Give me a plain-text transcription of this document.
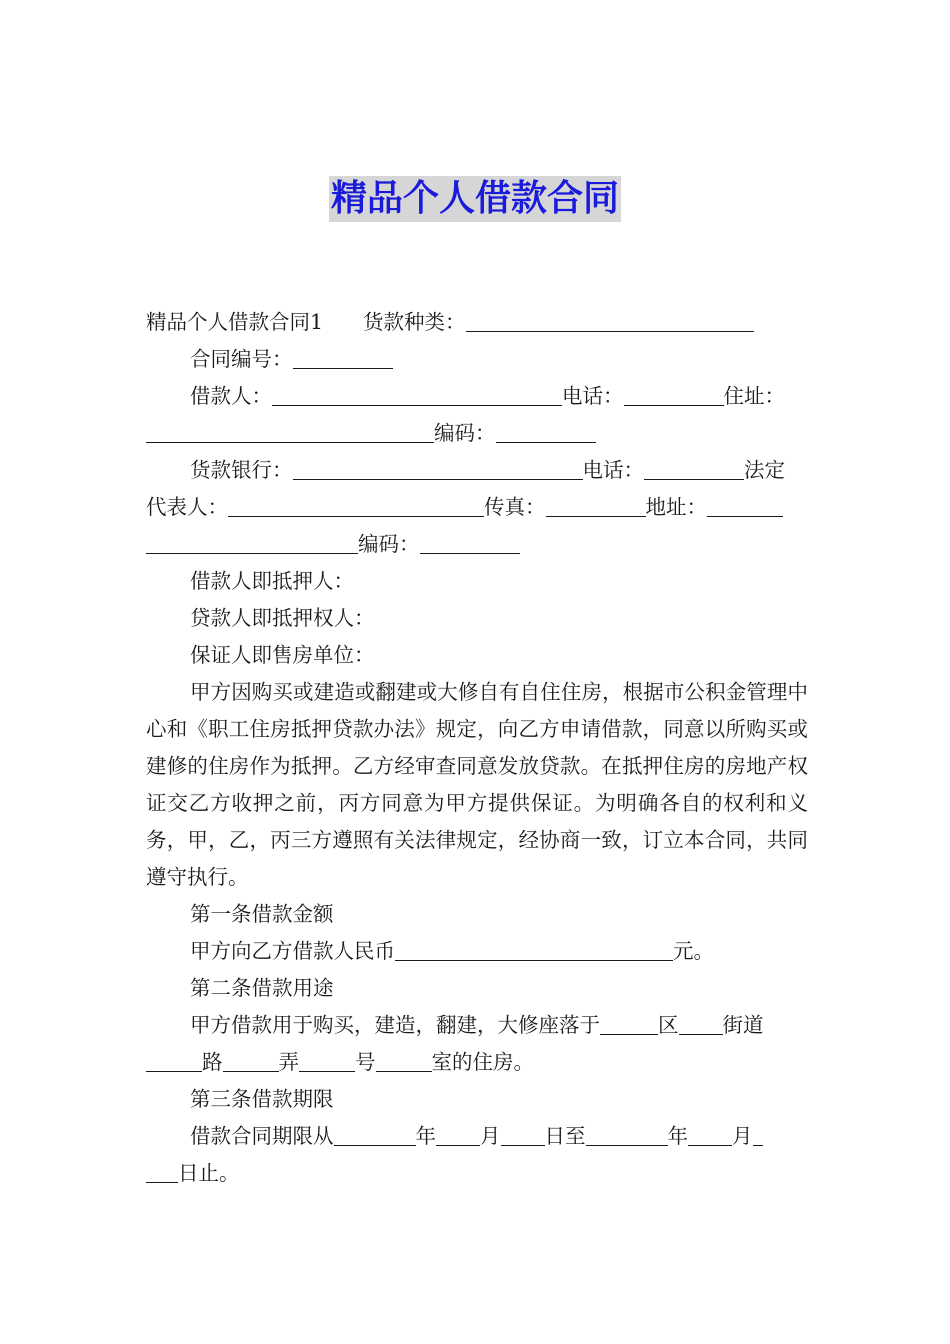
精品个人借款合同

精品个人借款合同1 货款种类：

合同编号：

借款人：	电话：	住址：

编码：

货款银行：	电话：	法定

代表人：	传真：	地址：

编码：

借款人即抵押人：

贷款人即抵押权人：

保证人即售房单位：

甲方因购买或建造或翻建或大修自有自住住房，根据市公积金管理中心和《职工住房抵押贷款办法》规定，向乙方申请借款，同意以所购买或建修的住房作为抵押。乙方经审查同意发放贷款。在抵押住房的房地产权证交乙方收押之前，丙方同意为甲方提供保证。为明确各自的权利和义务，甲，乙，丙三方遵照有关法律规定，经协商一致，订立本合同，共同遵守执行。

第一条借款金额

甲方向乙方借款人民币	元。

第二条借款用途

甲方借款用于购买，建造，翻建，大修座落于	区 街道

路	弄	号	室的住房。

第三条借款期限

借款合同期限从	年 月 日至	年 月

日止。
